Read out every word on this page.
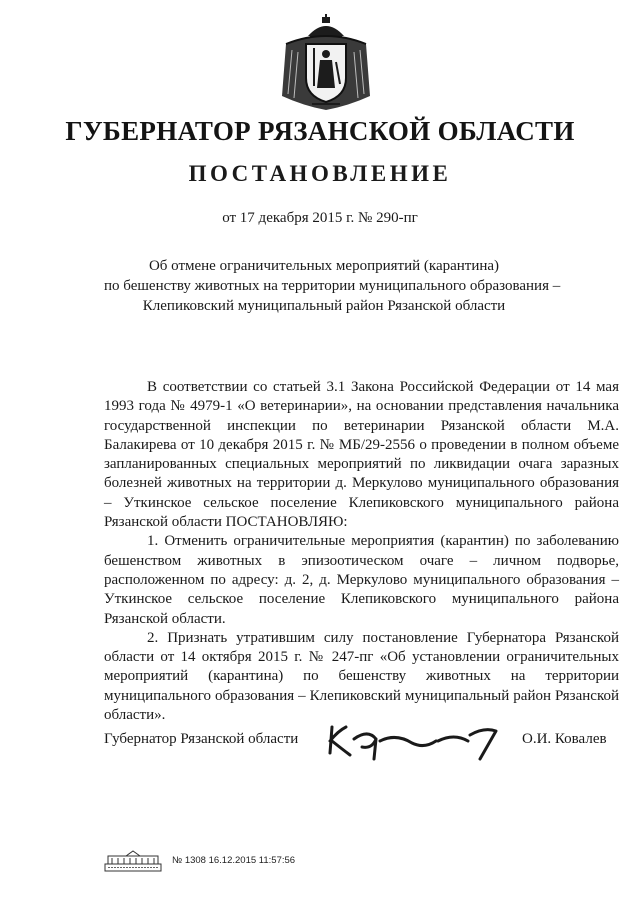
ГУБЕРНАТОР РЯЗАНСКОЙ ОБЛАСТИ
ПОСТАНОВЛЕНИЕ
от 17 декабря 2015 г. № 290-пг
Об отмене ограничительных мероприятий (карантина)
по бешенству животных на территории муниципального образования –
Клепиковский муниципальный район Рязанской области

В соответствии со статьей 3.1 Закона Российской Федерации от 14 мая 1993 года № 4979-1 «О ветеринарии», на основании представления начальника государственной инспекции по ветеринарии Рязанской области М.А. Балакирева от 10 декабря 2015 г. № МБ/29-2556 о проведении в полном объеме запланированных специальных мероприятий по ликвидации очага заразных болезней животных на территории д. Меркулово муниципального образования – Уткинское сельское поселение Клепиковского муниципального района Рязанской области ПОСТАНОВЛЯЮ:

1. Отменить ограничительные мероприятия (карантин) по заболеванию бешенством животных в эпизоотическом очаге – личном подворье, расположенном по адресу: д. 2, д. Меркулово муниципального образования – Уткинское сельское поселение Клепиковского муниципального района Рязанской области.

2. Признать утратившим силу постановление Губернатора Рязанской области от 14 октября 2015 г. № 247-пг «Об установлении ограничительных мероприятий (карантина) по бешенству животных на территории муниципального образования – Клепиковский муниципальный район Рязанской области».

Губернатор Рязанской области	О.И. Ковалев
№ 1308 16.12.2015 11:57:56
